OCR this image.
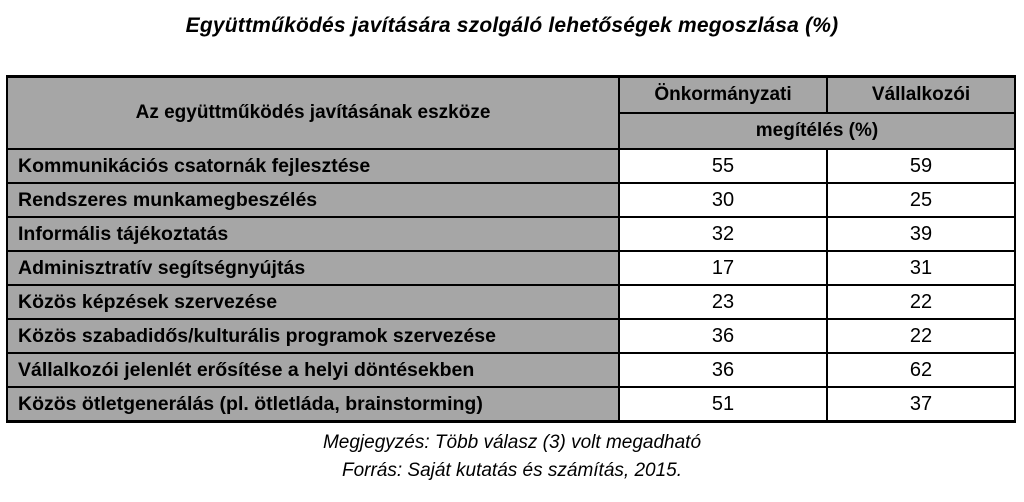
Együttműködés javítására szolgáló lehetőségek megoszlása (%)
Az együttműködés javításának eszköze	Önkormányzati	Vállalkozói
	megítélés (%)	
Kommunikációs csatornák fejlesztése	55	59
Rendszeres munkamegbeszélés	30	25
Informális tájékoztatás	32	39
Adminisztratív segítségnyújtás	17	31
Közös képzések szervezése	23	22
Közös szabadidős/kulturális programok szervezése	36	22
Vállalkozói jelenlét erősítése a helyi döntésekben	36	62
Közös ötletgenerálás (pl. ötletláda, brainstorming)	51	37
Megjegyzés: Több válasz (3) volt megadható
Forrás: Saját kutatás és számítás, 2015.
